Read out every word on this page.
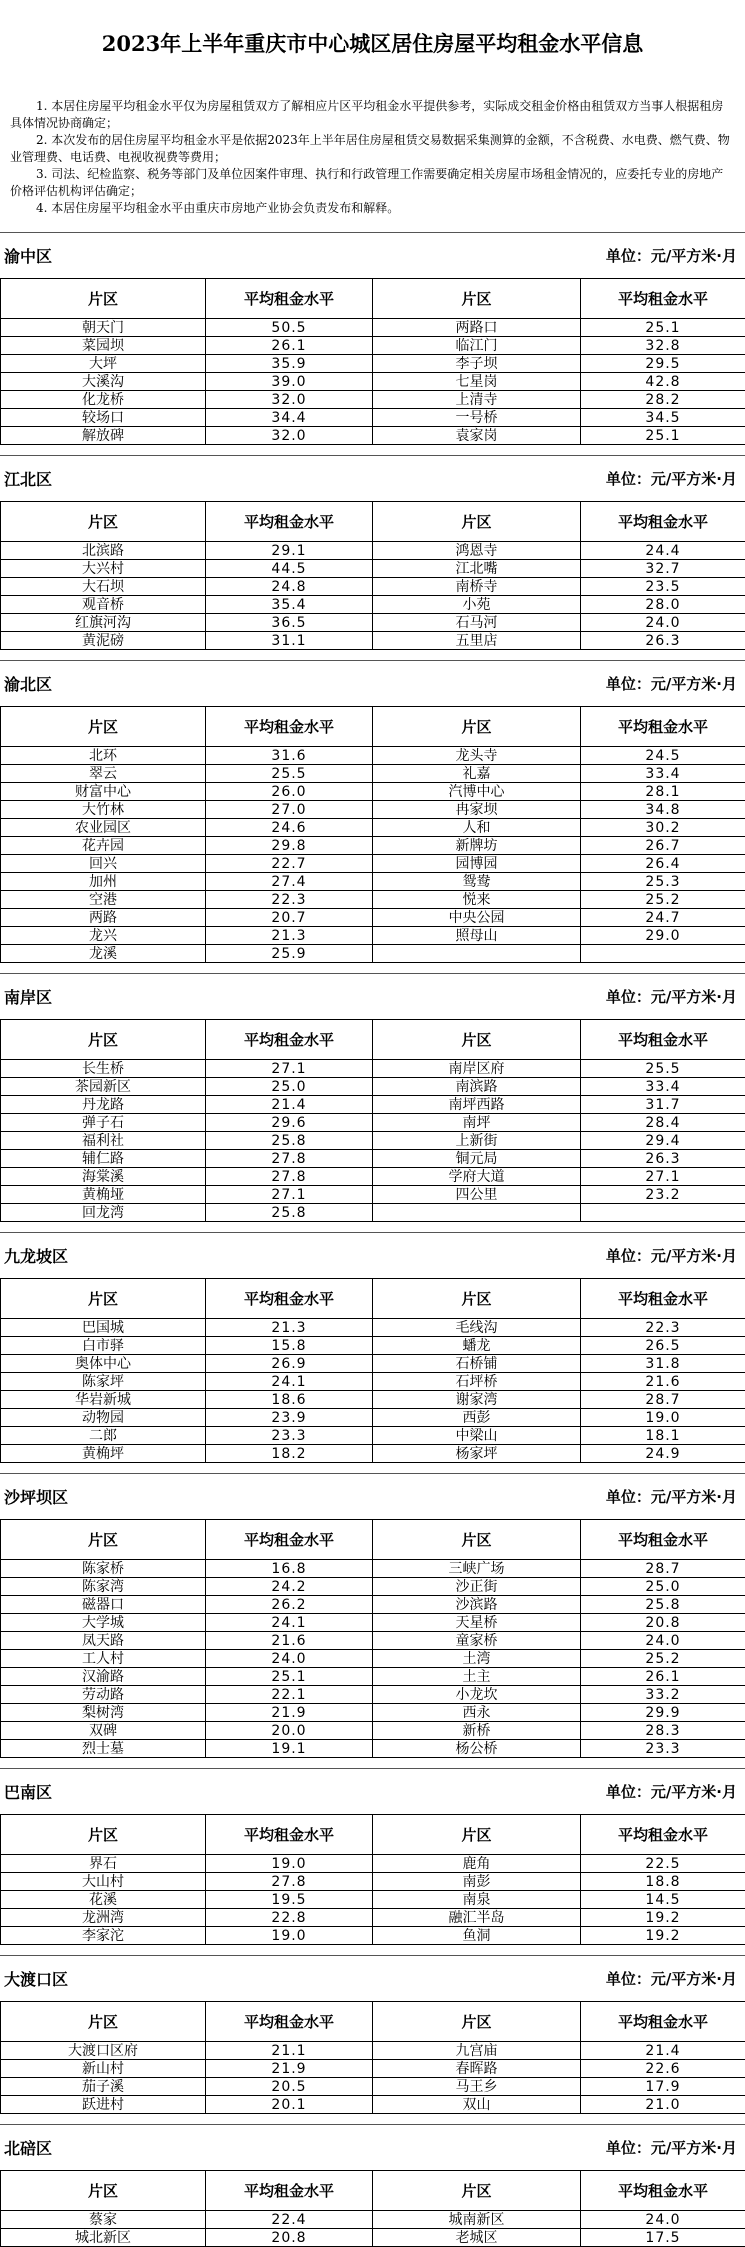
2023年上半年重庆市中心城区居住房屋平均租金水平信息

1. 本居住房屋平均租金水平仅为房屋租赁双方了解相应片区平均租金水平提供参考，实际成交租金价格由租赁双方当事人根据租房具体情况协商确定；

2. 本次发布的居住房屋平均租金水平是依据2023年上半年居住房屋租赁交易数据采集测算的金额，不含税费、水电费、燃气费、物业管理费、电话费、电视收视费等费用；

3. 司法、纪检监察、税务等部门及单位因案件审理、执行和行政管理工作需要确定相关房屋市场租金情况的，应委托专业的房地产价格评估机构评估确定；

4. 本居住房屋平均租金水平由重庆市房地产业协会负责发布和解释。

渝中区	单位：元/平方米·月
片区	平均租金水平	片区	平均租金水平
朝天门	50.5	两路口	25.1
菜园坝	26.1	临江门	32.8
大坪	35.9	李子坝	29.5
大溪沟	39.0	七星岗	42.8
化龙桥	32.0	上清寺	28.2
较场口	34.4	一号桥	34.5
解放碑	32.0	袁家岗	25.1
江北区	单位：元/平方米·月
片区	平均租金水平	片区	平均租金水平
北滨路	29.1	鸿恩寺	24.4
大兴村	44.5	江北嘴	32.7
大石坝	24.8	南桥寺	23.5
观音桥	35.4	小苑	28.0
红旗河沟	36.5	石马河	24.0
黄泥磅	31.1	五里店	26.3
渝北区	单位：元/平方米·月
片区	平均租金水平	片区	平均租金水平
北环	31.6	龙头寺	24.5
翠云	25.5	礼嘉	33.4
财富中心	26.0	汽博中心	28.1
大竹林	27.0	冉家坝	34.8
农业园区	24.6	人和	30.2
花卉园	29.8	新牌坊	26.7
回兴	22.7	园博园	26.4
加州	27.4	鸳鸯	25.3
空港	22.3	悦来	25.2
两路	20.7	中央公园	24.7
龙兴	21.3	照母山	29.0
龙溪	25.9		
南岸区	单位：元/平方米·月
片区	平均租金水平	片区	平均租金水平
长生桥	27.1	南岸区府	25.5
茶园新区	25.0	南滨路	33.4
丹龙路	21.4	南坪西路	31.7
弹子石	29.6	南坪	28.4
福利社	25.8	上新街	29.4
辅仁路	27.8	铜元局	26.3
海棠溪	27.8	学府大道	27.1
黄桷垭	27.1	四公里	23.2
回龙湾	25.8		
九龙坡区	单位：元/平方米·月
片区	平均租金水平	片区	平均租金水平
巴国城	21.3	毛线沟	22.3
白市驿	15.8	蟠龙	26.5
奥体中心	26.9	石桥铺	31.8
陈家坪	24.1	石坪桥	21.6
华岩新城	18.6	谢家湾	28.7
动物园	23.9	西彭	19.0
二郎	23.3	中梁山	18.1
黄桷坪	18.2	杨家坪	24.9
沙坪坝区	单位：元/平方米·月
片区	平均租金水平	片区	平均租金水平
陈家桥	16.8	三峡广场	28.7
陈家湾	24.2	沙正街	25.0
磁器口	26.2	沙滨路	25.8
大学城	24.1	天星桥	20.8
凤天路	21.6	童家桥	24.0
工人村	24.0	土湾	25.2
汉渝路	25.1	土主	26.1
劳动路	22.1	小龙坎	33.2
梨树湾	21.9	西永	29.9
双碑	20.0	新桥	28.3
烈士墓	19.1	杨公桥	23.3
巴南区	单位：元/平方米·月
片区	平均租金水平	片区	平均租金水平
界石	19.0	鹿角	22.5
大山村	27.8	南彭	18.8
花溪	19.5	南泉	14.5
龙洲湾	22.8	融汇半岛	19.2
李家沱	19.0	鱼洞	19.2
大渡口区	单位：元/平方米·月
片区	平均租金水平	片区	平均租金水平
大渡口区府	21.1	九宫庙	21.4
新山村	21.9	春晖路	22.6
茄子溪	20.5	马王乡	17.9
跃进村	20.1	双山	21.0
北碚区	单位：元/平方米·月
片区	平均租金水平	片区	平均租金水平
蔡家	22.4	城南新区	24.0
城北新区	20.8	老城区	17.5
